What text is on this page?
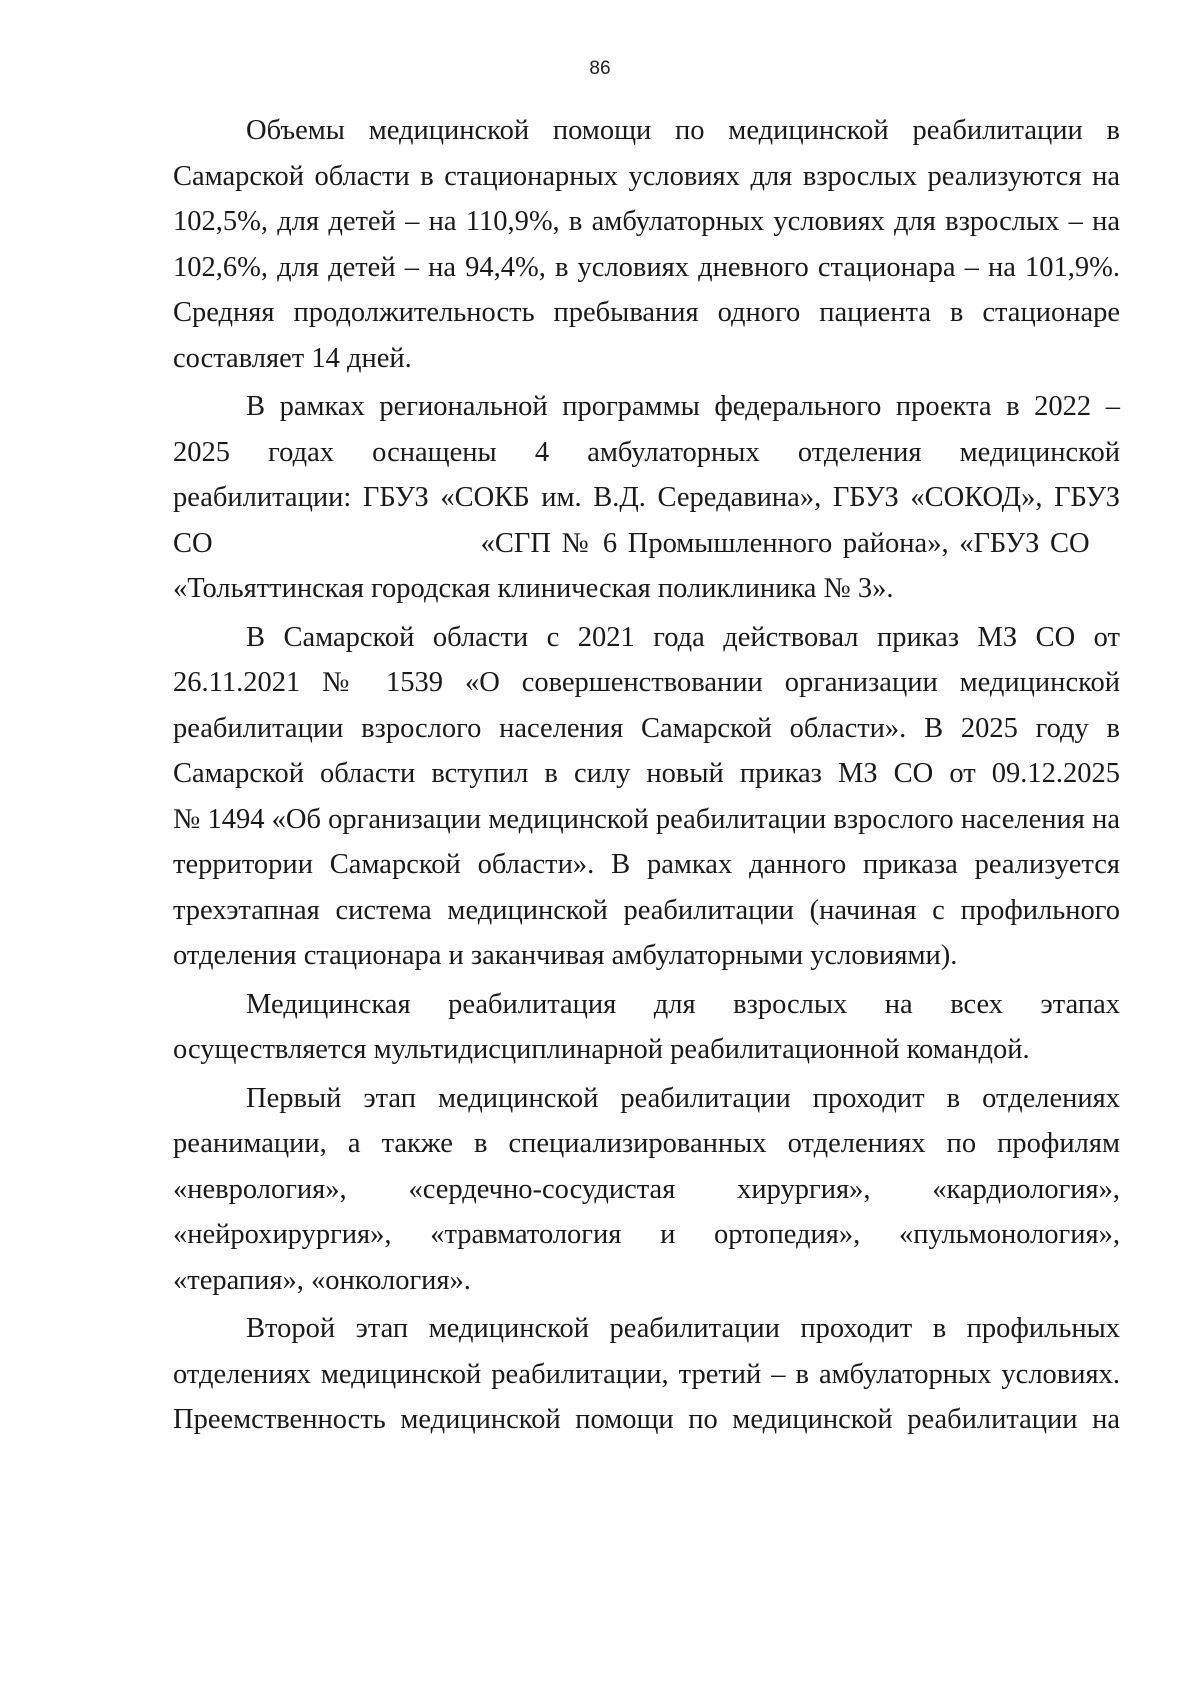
86
Объемы медицинской помощи по медицинской реабилитации в
Самарской области в стационарных условиях для взрослых реализуются на
102,5%, для детей – на 110,9%, в амбулаторных условиях для взрослых – на
102,6%, для детей – на 94,4%, в условиях дневного стационара – на 101,9%.
Средняя продолжительность пребывания одного пациента в стационаре
составляет 14 дней.
В рамках региональной программы федерального проекта в 2022 –
2025 годах оснащены 4 амбулаторных отделения медицинской
реабилитации: ГБУЗ «СОКБ им. В.Д. Середавина», ГБУЗ «СОКОД», ГБУЗ
СО	«СГП № 6 Промышленного района», «ГБУЗ СО
«Тольяттинская городская клиническая поликлиника № 3».
В Самарской области с 2021 года действовал приказ МЗ СО от
26.11.2021 № 1539 «О совершенствовании организации медицинской
реабилитации взрослого населения Самарской области». В 2025 году в
Самарской области вступил в силу новый приказ МЗ СО от 09.12.2025
№ 1494 «Об организации медицинской реабилитации взрослого населения на
территории Самарской области». В рамках данного приказа реализуется
трехэтапная система медицинской реабилитации (начиная с профильного
отделения стационара и заканчивая амбулаторными условиями).
Медицинская реабилитация для взрослых на всех этапах
осуществляется мультидисциплинарной реабилитационной командой.
Первый этап медицинской реабилитации проходит в отделениях
реанимации, а также в специализированных отделениях по профилям
«неврология», «сердечно-сосудистая хирургия», «кардиология»,
«нейрохирургия», «травматология и ортопедия», «пульмонология»,
«терапия», «онкология».
Второй этап медицинской реабилитации проходит в профильных
отделениях медицинской реабилитации, третий – в амбулаторных условиях.
Преемственность медицинской помощи по медицинской реабилитации на
